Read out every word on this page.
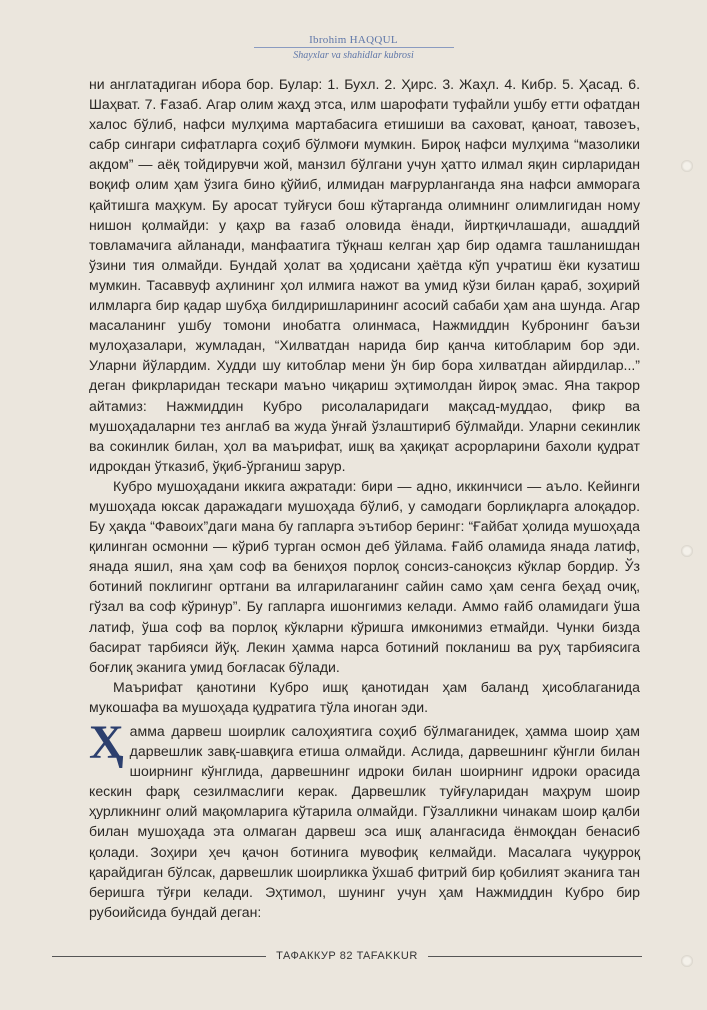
Ibrohim HAQQUL
Shayxlar va shahidlar kubrosi

ни англатадиган ибора бор. Булар: 1. Бухл. 2. Ҳирс. 3. Жаҳл. 4. Кибр. 5. Ҳасад. 6. Шаҳват. 7. Ғазаб. Агар олим жаҳд этса, илм шарофати туфайли ушбу етти офатдан халос бўлиб, нафси мулҳима мартабасига етишиши ва саховат, қаноат, тавозеъ, сабр сингари сифатларга соҳиб бўлмоғи мумкин. Бироқ нафси мулҳима “мазолики акдом” — аёқ тойдирувчи жой, манзил бўлгани учун ҳатто илмал яқин сирларидан воқиф олим ҳам ўзига бино қўйиб, илмидан мағрурланганда яна нафси амморага қайтишга маҳкум. Бу аросат туйғуси бош кўтарганда олимнинг олимлигидан ному нишон қолмайди: у қаҳр ва ғазаб оловида ёнади, йиртқичлашади, ашаддий товламачига айланади, манфаатига тўқнаш келган ҳар бир одамга ташланишдан ўзини тия олмайди. Бундай ҳолат ва ҳодисани ҳаётда кўп учратиш ёки кузатиш мумкин. Тасаввуф аҳлининг ҳол илмига нажот ва умид кўзи билан қараб, зоҳирий илмларга бир қадар шубҳа билдиришларининг асосий сабаби ҳам ана шунда. Агар масаланинг ушбу томони инобатга олинмаса, Нажмиддин Кубронинг баъзи мулоҳазалари, жумладан, “Хилватдан нарида бир қанча китобларим бор эди. Уларни йўлардим. Худди шу китоблар мени ўн бир бора хилватдан айирдилар...” деган фикрларидан тескари маъно чиқариш эҳтимолдан йироқ эмас. Яна такрор айтамиз: Нажмиддин Кубро рисолаларидаги мақсад-муддао, фикр ва мушоҳадаларни тез англаб ва жуда ўнғай ўзлаштириб бўлмайди. Уларни секинлик ва сокинлик билан, ҳол ва маърифат, ишқ ва ҳақиқат асрорларини бахоли қудрат идрокдан ўтказиб, ўқиб-ўрганиш зарур.

Кубро мушоҳадани иккига ажратади: бири — адно, иккинчиси — аъло. Кейинги мушоҳада юксак даражадаги мушоҳада бўлиб, у самодаги борлиқларга алоқадор. Бу ҳақда “Фавоих”даги мана бу гапларга эътибор беринг: “Ғайбат ҳолида мушоҳада қилинган осмонни — кўриб турган осмон деб ўйлама. Ғайб оламида янада латиф, янада яшил, яна ҳам соф ва бениҳоя порлоқ сонсиз-саноқсиз кўклар бордир. Ўз ботиний поклигинг ортгани ва илгарилаганинг сайин само ҳам сенга беҳад очиқ, гўзал ва соф кўринур”. Бу гапларга ишонгимиз келади. Аммо ғайб оламидаги ўша латиф, ўша соф ва порлоқ кўкларни кўришга имконимиз етмайди. Чунки бизда басират тарбияси йўқ. Лекин ҳамма нарса ботиний покланиш ва руҳ тарбиясига боғлиқ эканига умид боғласак бўлади.

Маърифат қанотини Кубро ишқ қанотидан ҳам баланд ҳисоблаганида мукошафа ва мушоҳада қудратига тўла иноган эди.

Ҳ амма дарвеш шоирлик салоҳиятига соҳиб бўлмаганидек, ҳамма шоир ҳам дарвешлик завқ-шавқига етиша олмайди. Аслида, дарвешнинг кўнгли билан шоирнинг кўнглида, дарвешнинг идроки билан шоирнинг идроки орасида кескин фарқ сезилмаслиги керак. Дарвешлик туйғуларидан маҳрум шоир ҳурликнинг олий мақомларига кўтарила олмайди. Гўзалликни чинакам шоир қалби билан мушоҳада эта олмаган дарвеш эса ишқ алангасида ёнмоқдан бенасиб қолади. Зоҳири ҳеч қачон ботинига мувофиқ келмайди. Масалага чуқурроқ қарайдиган бўлсак, дарвешлик шоирликка ўхшаб фитрий бир қобилият эканига тан беришга тўғри келади. Эҳтимол, шунинг учун ҳам Нажмиддин Кубро бир рубоийсида бундай деган:
ТАФАККУР 82 TAFAKKUR
